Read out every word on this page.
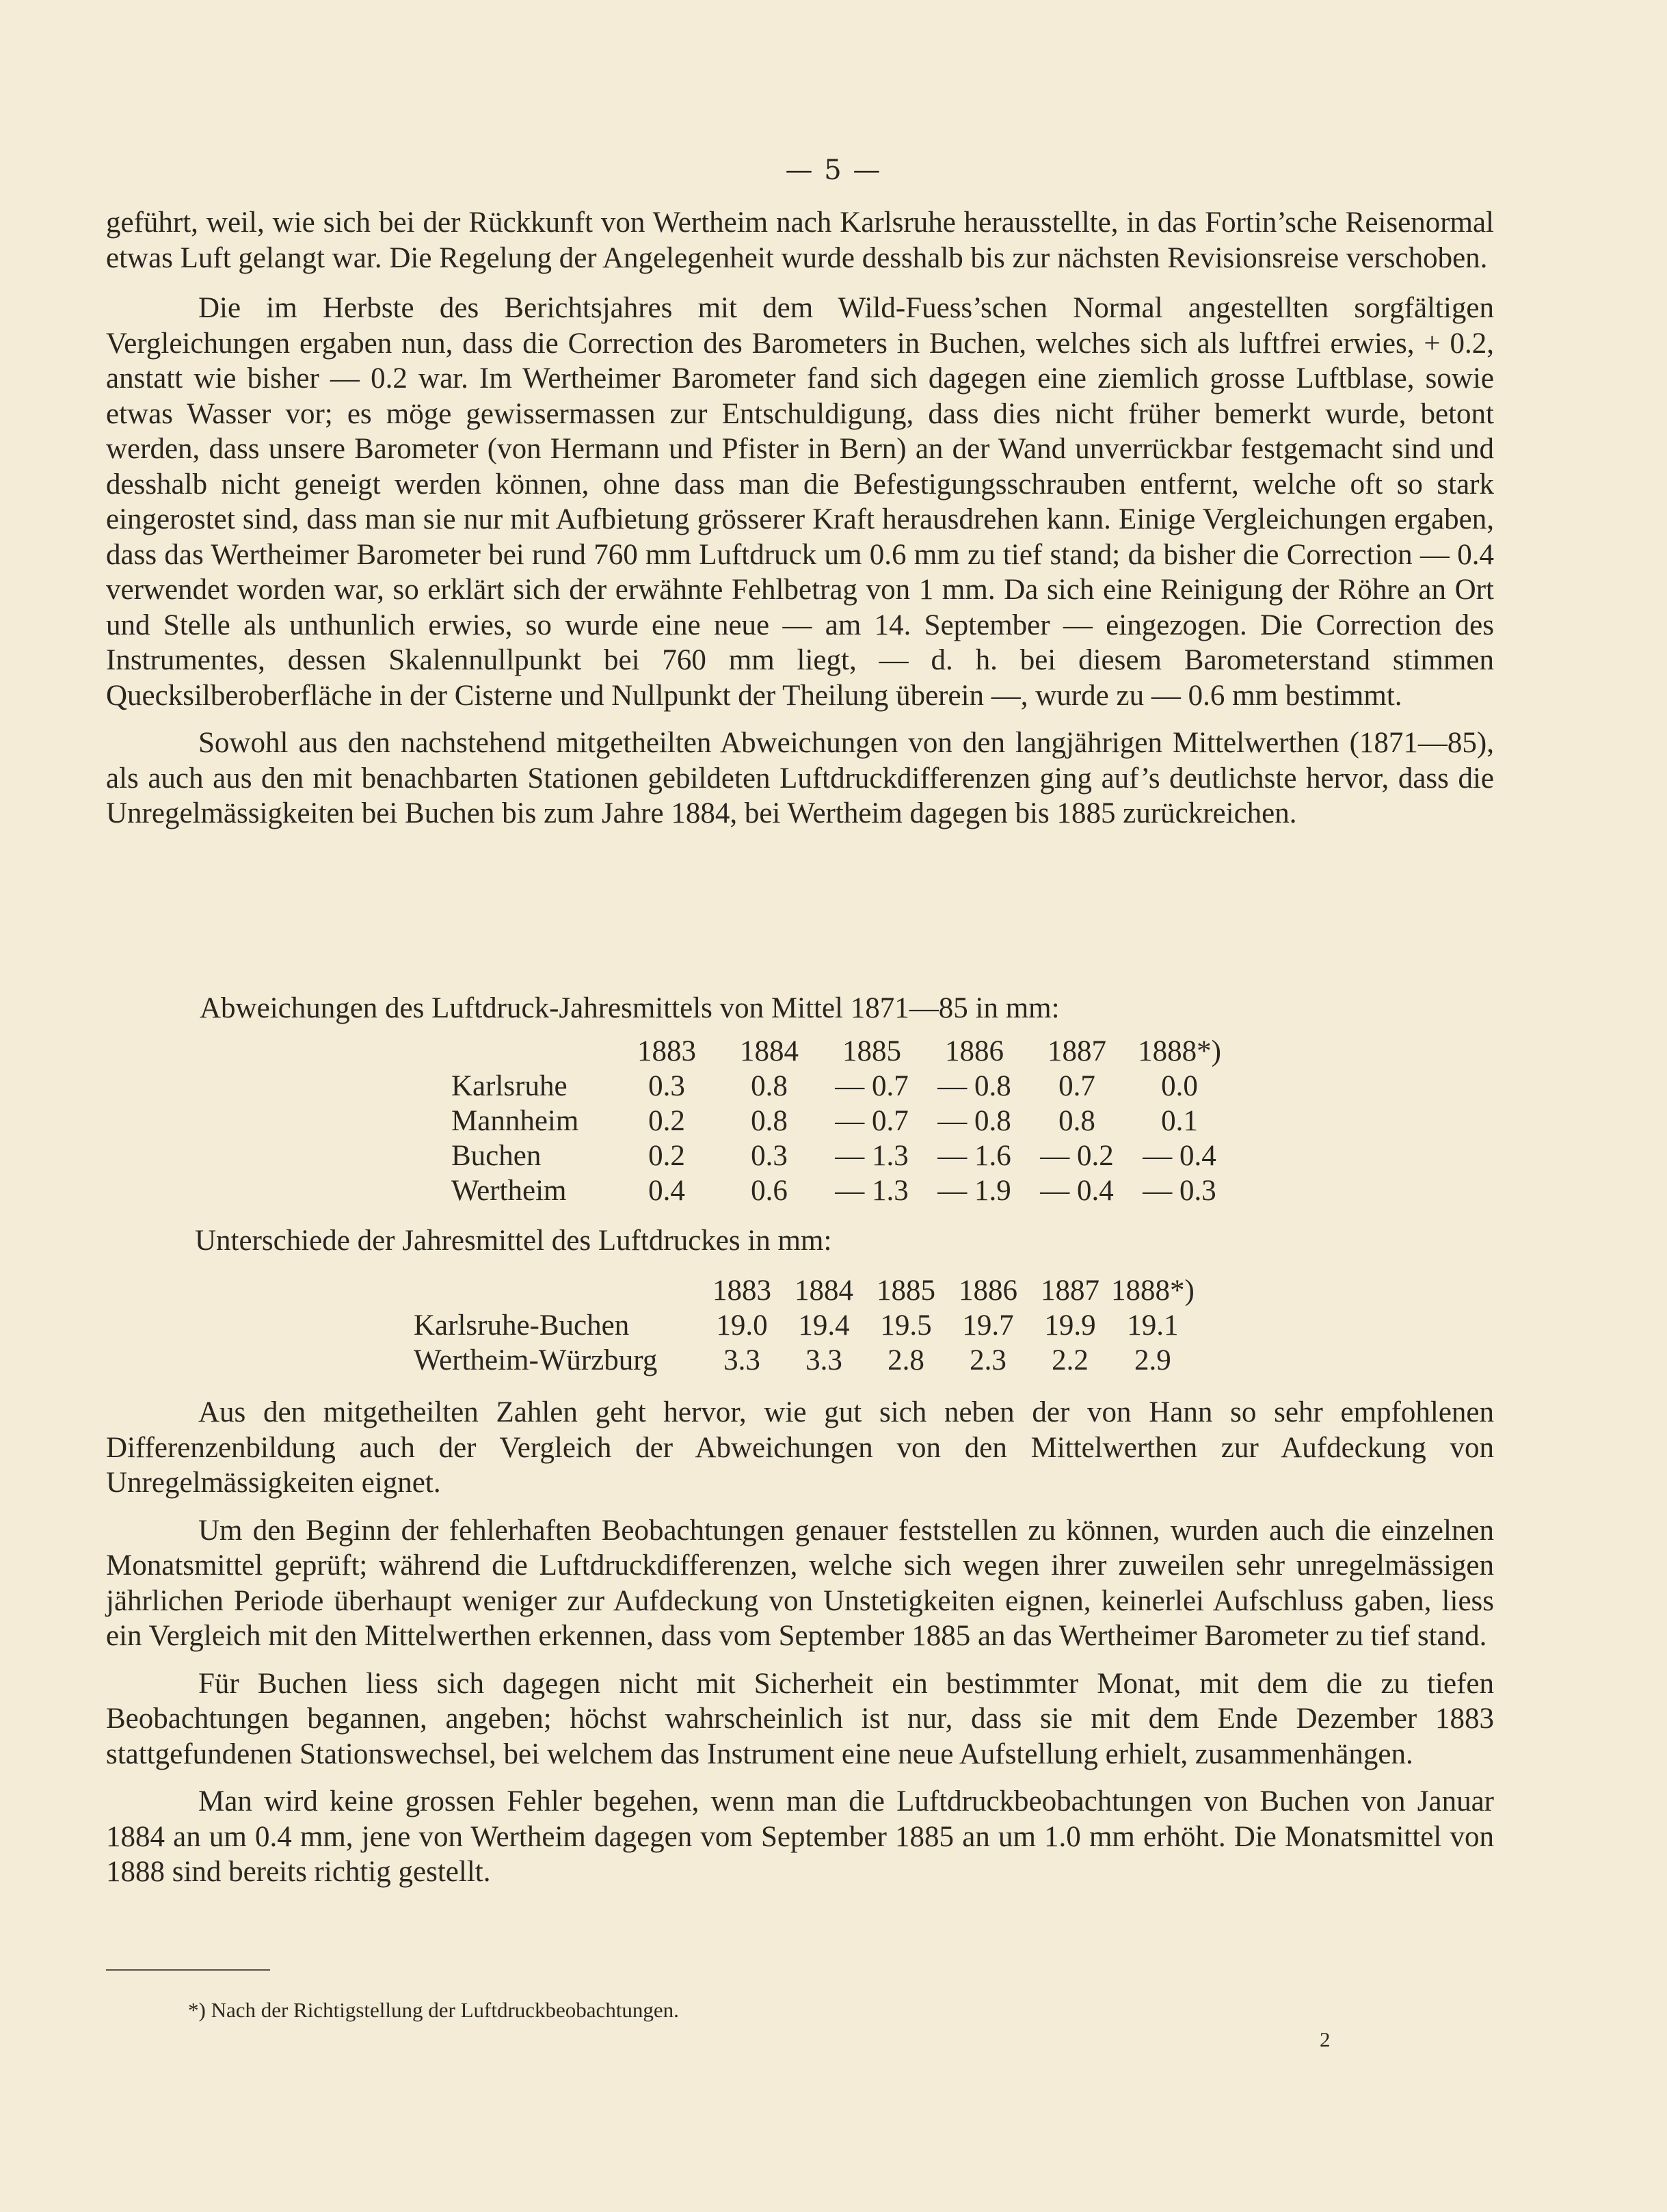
— 5 —

geführt, weil, wie sich bei der Rückkunft von Wertheim nach Karlsruhe herausstellte, in das Fortin’sche Reisenormal etwas Luft gelangt war. Die Regelung der Angelegenheit wurde desshalb bis zur nächsten Revisionsreise verschoben.

Die im Herbste des Berichtsjahres mit dem Wild-Fuess’schen Normal angestellten sorgfältigen Vergleichungen ergaben nun, dass die Correction des Barometers in Buchen, welches sich als luftfrei erwies, + 0.2, anstatt wie bisher — 0.2 war. Im Wertheimer Barometer fand sich dagegen eine ziemlich grosse Luftblase, sowie etwas Wasser vor; es möge gewissermassen zur Entschuldigung, dass dies nicht früher bemerkt wurde, betont werden, dass unsere Barometer (von Hermann und Pfister in Bern) an der Wand unverrückbar festgemacht sind und desshalb nicht geneigt werden können, ohne dass man die Befestigungsschrauben entfernt, welche oft so stark eingerostet sind, dass man sie nur mit Aufbietung grösserer Kraft herausdrehen kann. Einige Vergleichungen ergaben, dass das Wertheimer Barometer bei rund 760 mm Luftdruck um 0.6 mm zu tief stand; da bisher die Correction — 0.4 verwendet worden war, so erklärt sich der erwähnte Fehlbetrag von 1 mm. Da sich eine Reinigung der Röhre an Ort und Stelle als unthunlich erwies, so wurde eine neue — am 14. September — eingezogen. Die Correction des Instrumentes, dessen Skalennullpunkt bei 760 mm liegt, — d. h. bei diesem Barometerstand stimmen Quecksilberoberfläche in der Cisterne und Nullpunkt der Theilung überein —, wurde zu — 0.6 mm bestimmt.

Sowohl aus den nachstehend mitgetheilten Abweichungen von den langjährigen Mittelwerthen (1871—85), als auch aus den mit benachbarten Stationen gebildeten Luftdruckdifferenzen ging auf’s deutlichste hervor, dass die Unregelmässigkeiten bei Buchen bis zum Jahre 1884, bei Wertheim dagegen bis 1885 zurückreichen.

Abweichungen des Luftdruck-Jahresmittels von Mittel 1871—85 in mm:
	1883	1884	1885	1886	1887	1888*)
Karlsruhe	0.3	0.8	— 0.7	— 0.8	0.7	0.0
Mannheim	0.2	0.8	— 0.7	— 0.8	0.8	0.1
Buchen	0.2	0.3	— 1.3	— 1.6	— 0.2	— 0.4
Wertheim	0.4	0.6	— 1.3	— 1.9	— 0.4	— 0.3
Unterschiede der Jahresmittel des Luftdruckes in mm:
	1883	1884	1885	1886	1887	1888*)
Karlsruhe-Buchen	19.0	19.4	19.5	19.7	19.9	19.1
Wertheim-Würzburg	3.3	3.3	2.8	2.3	2.2	2.9

Aus den mitgetheilten Zahlen geht hervor, wie gut sich neben der von Hann so sehr empfohlenen Differenzenbildung auch der Vergleich der Abweichungen von den Mittelwerthen zur Aufdeckung von Unregelmässigkeiten eignet.

Um den Beginn der fehlerhaften Beobachtungen genauer feststellen zu können, wurden auch die einzelnen Monatsmittel geprüft; während die Luftdruckdifferenzen, welche sich wegen ihrer zuweilen sehr unregelmässigen jährlichen Periode überhaupt weniger zur Aufdeckung von Unstetigkeiten eignen, keinerlei Aufschluss gaben, liess ein Vergleich mit den Mittelwerthen erkennen, dass vom September 1885 an das Wertheimer Barometer zu tief stand.

Für Buchen liess sich dagegen nicht mit Sicherheit ein bestimmter Monat, mit dem die zu tiefen Beobachtungen begannen, angeben; höchst wahrscheinlich ist nur, dass sie mit dem Ende Dezember 1883 stattgefundenen Stationswechsel, bei welchem das Instrument eine neue Aufstellung erhielt, zusammenhängen.

Man wird keine grossen Fehler begehen, wenn man die Luftdruckbeobachtungen von Buchen von Januar 1884 an um 0.4 mm, jene von Wertheim dagegen vom September 1885 an um 1.0 mm erhöht. Die Monatsmittel von 1888 sind bereits richtig gestellt.

*) Nach der Richtigstellung der Luftdruckbeobachtungen.
2
